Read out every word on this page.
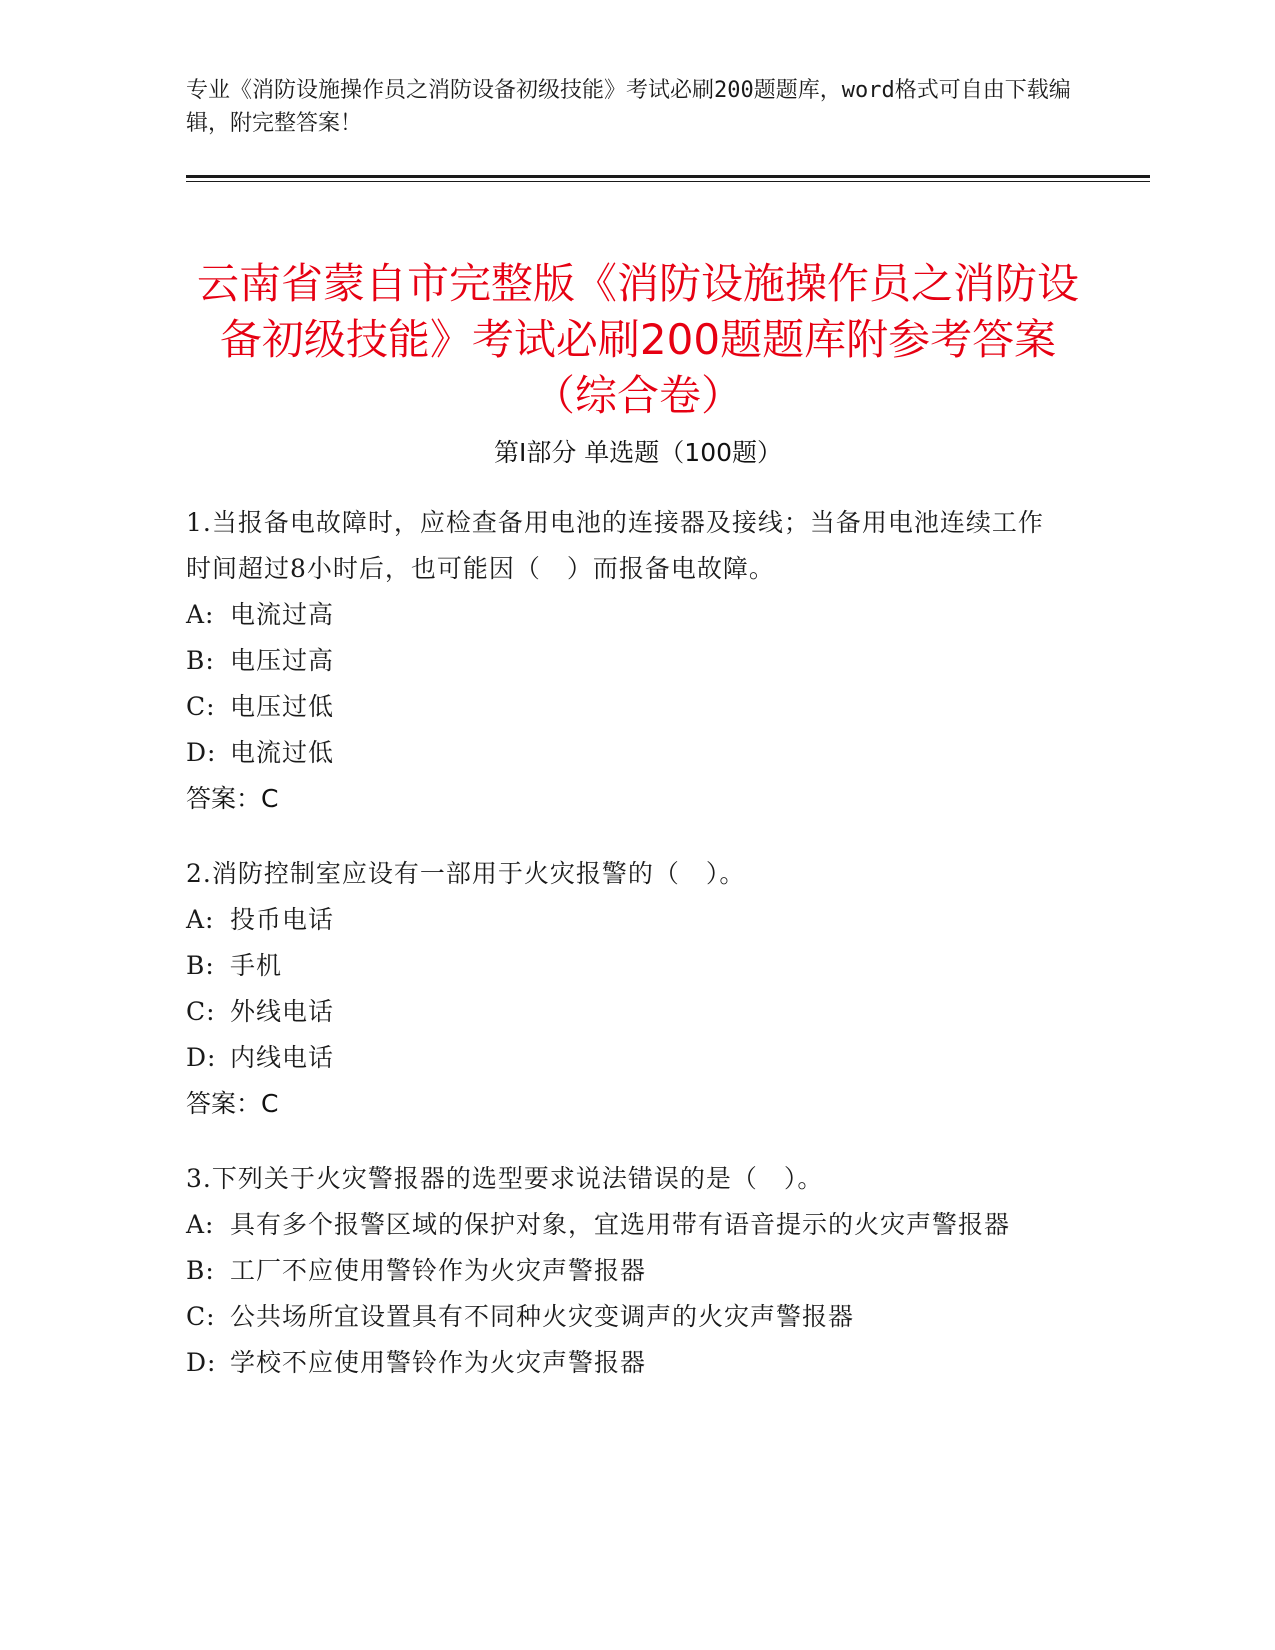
专业《消防设施操作员之消防设备初级技能》考试必刷200题题库，word格式可自由下载编辑，附完整答案！
云南省蒙自市完整版《消防设施操作员之消防设备初级技能》考试必刷200题题库附参考答案（综合卷）
第Ⅰ部分 单选题（100题）
1.当报备电故障时，应检查备用电池的连接器及接线；当备用电池连续工作时间超过8小时后，也可能因（　）而报备电故障。
A: 电流过高
B: 电压过高
C: 电压过低
D: 电流过低
答案：C
2.消防控制室应设有一部用于火灾报警的（　）。
A: 投币电话
B: 手机
C: 外线电话
D: 内线电话
答案：C
3.下列关于火灾警报器的选型要求说法错误的是（　）。
A: 具有多个报警区域的保护对象，宜选用带有语音提示的火灾声警报器
B: 工厂不应使用警铃作为火灾声警报器
C: 公共场所宜设置具有不同种火灾变调声的火灾声警报器
D: 学校不应使用警铃作为火灾声警报器
